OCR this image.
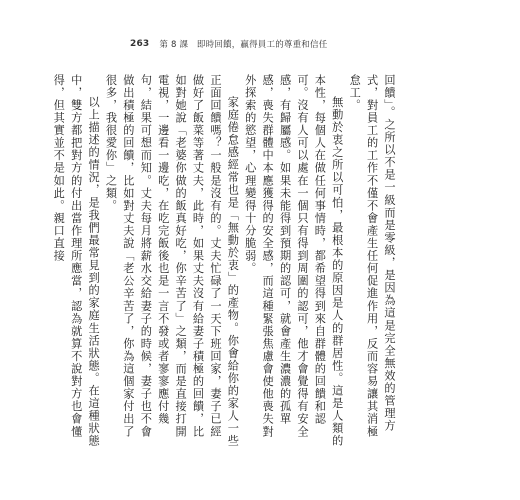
263 第 8 課　即時回饋，贏得員工的尊重和信任

回饋」。之所以不是一級而是零級，是因為這是完全無效的管理方式，對員工的工作不僅不會產生任何促進作用，反而容易讓其消極怠工。

無動於衷之所以可怕，最根本的原因是人的群居性。這是人類的本性，每個人在做任何事情時，都希望得到來自群體的回饋和認可。沒有人可以處在一個只有得到周圍的認可，他才會覺得有安全感，有歸屬感。如果未能得到預期的認可，就會產生濃濃的孤單感，喪失群體中本應獲得的安全感，而這種緊張焦慮會使他喪失對外探索的慾望，心理變得十分脆弱。

家庭倦怠感經常也是「無動於衷」的產物。你會給你的家人一些正面回饋嗎？一般是沒有的。丈夫忙碌了一天下班回家，妻子已經做好了飯菜等著丈夫，此時，如果丈夫沒有給妻子積極的回饋，比如對她說「老婆你做的飯真好吃，你辛苦了」之類，而是直接打開電視，一邊看一邊吃，在吃完飯後也是一言不發或者寥寥應付幾句，結果可想而知。丈夫每月將薪水交給妻子的時候，妻子也不會做出積極的回饋，比如對丈夫說「老公辛苦了，你為這個家付出了很多，我很愛你」之類。

以上描述的情況，是我們最常見到的家庭生活狀態。在這種狀態中，雙方都把對方的付出當作理所應當，認為就算不說對方也會懂得，但其實並不是如此。親口直接
